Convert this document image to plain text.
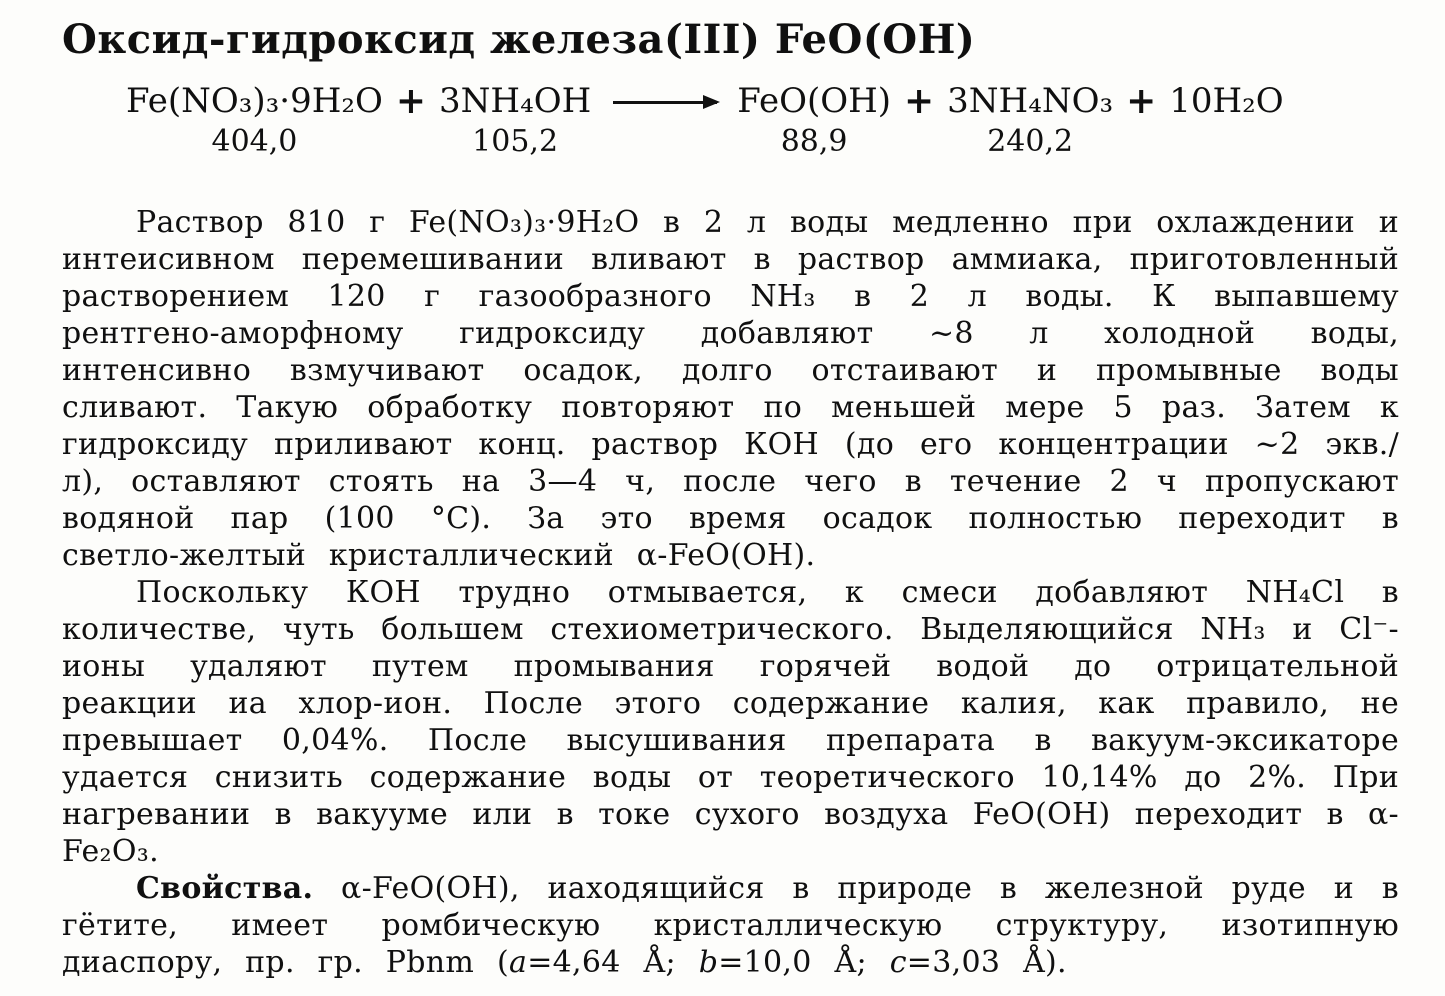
Оксид-гидроксид железа(III) FeO(OH)
Fe(NO₃)₃·9H₂O
404,0
+ 3NH₄OH
105,2
→ FeO(OH)
88,9
+ 3NH₄NO₃
240,2
+ 10H₂O

Раствор 810 г Fe(NO₃)₃·9H₂O в 2 л воды медленно при охлаждении и интеисивном перемешивании вливают в раствор аммиака, приготовленный растворением 120 г газообразного NH₃ в 2 л воды. К выпавшему рентгено-аморфному гидроксиду добавляют ~8 л холодной воды, интенсивно взмучивают осадок, долго отстаивают и промывные воды сливают. Такую обработку повторяют по меньшей мере 5 раз. Затем к гидроксиду приливают конц. раствор КОН (до его концентрации ~2 экв./л), оставляют стоять на 3—4 ч, после чего в течение 2 ч пропускают водяной пар (100 °С). За это время осадок полностью переходит в светло-желтый кристаллический α-FeO(OH).

Поскольку КОН трудно отмывается, к смеси добавляют NH₄Cl в количестве, чуть большем стехиометрического. Выделяющийся NH₃ и Cl⁻-ионы удаляют путем промывания горячей водой до отрицательной реакции иа хлор-ион. После этого содержание калия, как правило, не превышает 0,04%. После высушивания препарата в вакуум-эксикаторе удается снизить содержание воды от теоретического 10,14% до 2%. При нагревании в вакууме или в токе сухого воздуха FeO(OH) переходит в α-Fe₂O₃.

Свойства. α-FeO(OH), иаходящийся в природе в железной руде и в гётите, имеет ромбическую кристаллическую структуру, изотипную диаспору, пр. гр. Pbnm (a=4,64 Å; b=10,0 Å; c=3,03 Å).
